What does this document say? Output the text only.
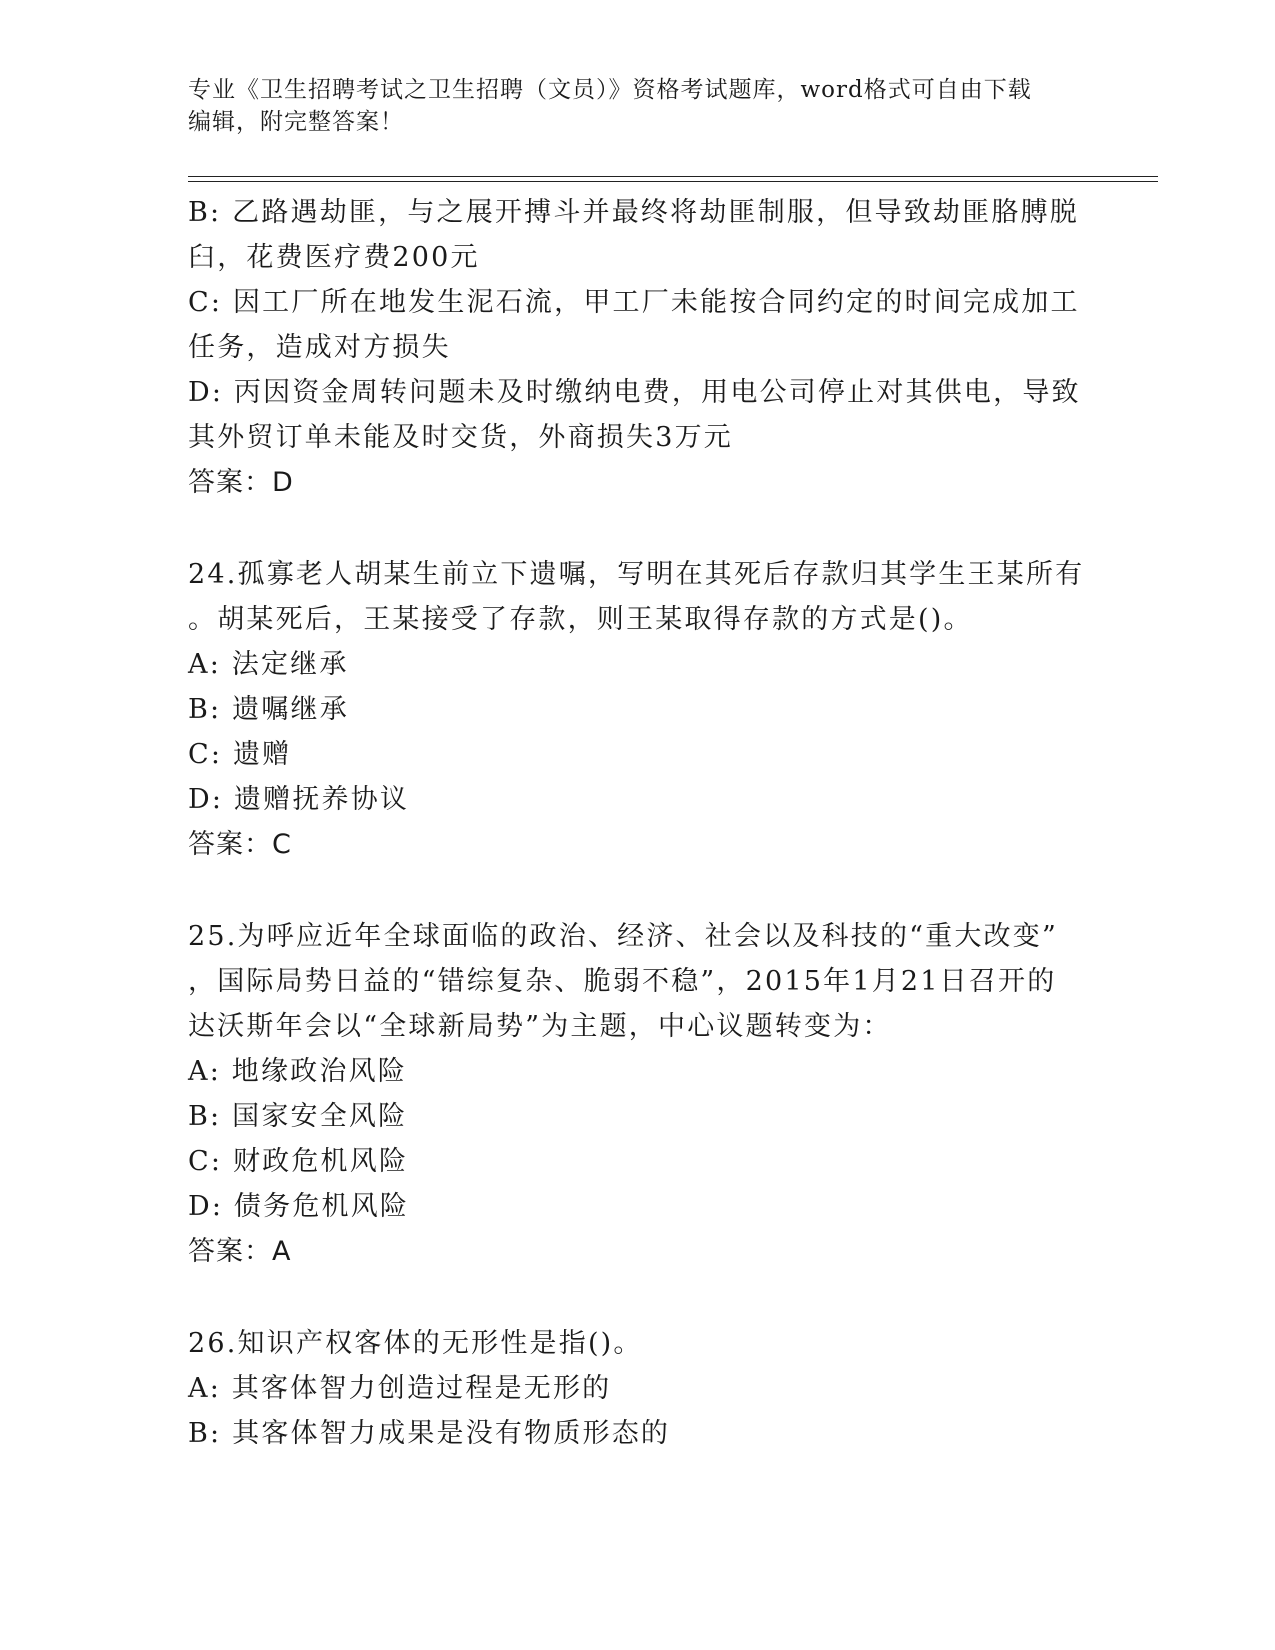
专业《卫生招聘考试之卫生招聘（文员）》资格考试题库，word格式可自由下载
编辑，附完整答案！
B: 乙路遇劫匪，与之展开搏斗并最终将劫匪制服，但导致劫匪胳膊脱
臼，花费医疗费200元
C: 因工厂所在地发生泥石流，甲工厂未能按合同约定的时间完成加工
任务，造成对方损失
D: 丙因资金周转问题未及时缴纳电费，用电公司停止对其供电，导致
其外贸订单未能及时交货，外商损失3万元
答案：D
24.孤寡老人胡某生前立下遗嘱，写明在其死后存款归其学生王某所有
。胡某死后，王某接受了存款，则王某取得存款的方式是()。
A: 法定继承
B: 遗嘱继承
C: 遗赠
D: 遗赠抚养协议
答案：C
25.为呼应近年全球面临的政治、经济、社会以及科技的“重大改变”
，国际局势日益的“错综复杂、脆弱不稳”，2015年1月21日召开的
达沃斯年会以“全球新局势”为主题，中心议题转变为：
A: 地缘政治风险
B: 国家安全风险
C: 财政危机风险
D: 债务危机风险
答案：A
26.知识产权客体的无形性是指()。
A: 其客体智力创造过程是无形的
B: 其客体智力成果是没有物质形态的
